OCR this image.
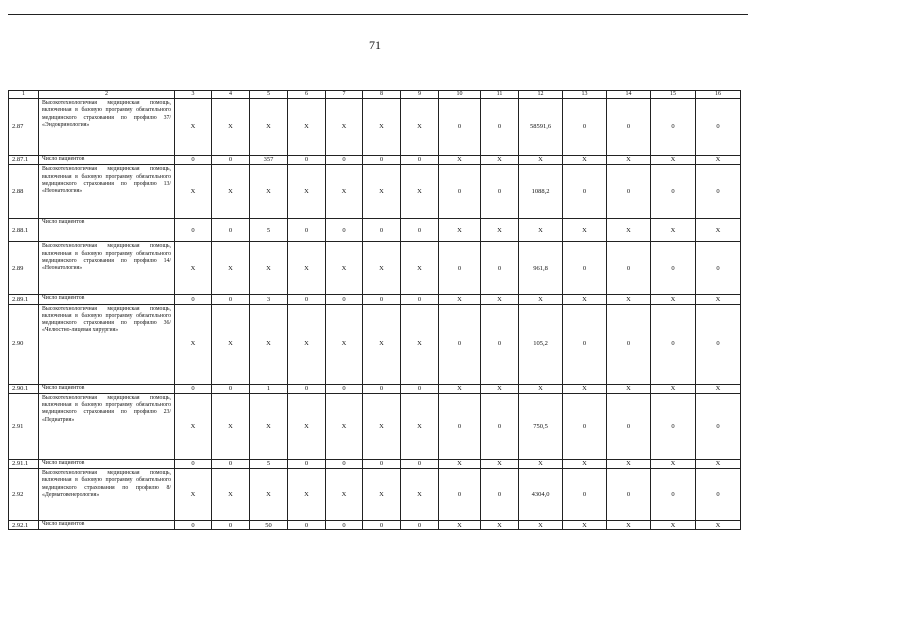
71
1	2	3	4	5	6	7	8	9	10	11	12	13	14	15	16
2.87	Высокотехнологичная медицинская помощь, включенная в базовую программу обязательного медицинского страхования по профилю 37/ «Эндокринология»	X	X	X	X	X	X	X	0	0	58591,6	0	0	0	0
2.87.1	Число пациентов	0	0	357	0	0	0	0	X	X	X	X	X	X	X
2.88	Высокотехнологичная медицинская помощь, включенная в базовую программу обязательного медицинского страхования по профилю 13/ «Неонатология»	X	X	X	X	X	X	X	0	0	1088,2	0	0	0	0
2.88.1	Число пациентов	0	0	5	0	0	0	0	X	X	X	X	X	X	X
2.89	Высокотехнологичная медицинская помощь, включенная в базовую программу обязательного медицинского страхования по профилю 14/ «Неонатология»	X	X	X	X	X	X	X	0	0	961,8	0	0	0	0
2.89.1	Число пациентов	0	0	3	0	0	0	0	X	X	X	X	X	X	X
2.90	Высокотехнологичная медицинская помощь, включенная в базовую программу обязательного медицинского страхования по профилю 36/ «Челюстно-лицевая хирургия»	X	X	X	X	X	X	X	0	0	105,2	0	0	0	0
2.90.1	Число пациентов	0	0	1	0	0	0	0	X	X	X	X	X	X	X
2.91	Высокотехнологичная медицинская помощь, включенная в базовую программу обязательного медицинского страхования по профилю 23/ «Педиатрия»	X	X	X	X	X	X	X	0	0	750,5	0	0	0	0
2.91.1	Число пациентов	0	0	5	0	0	0	0	X	X	X	X	X	X	X
2.92	Высокотехнологичная медицинская помощь, включенная в базовую программу обязательного медицинского страхования по профилю 8/ «Дерматовенерология»	X	X	X	X	X	X	X	0	0	4304,0	0	0	0	0
2.92.1	Число пациентов	0	0	50	0	0	0	0	X	X	X	X	X	X	X
